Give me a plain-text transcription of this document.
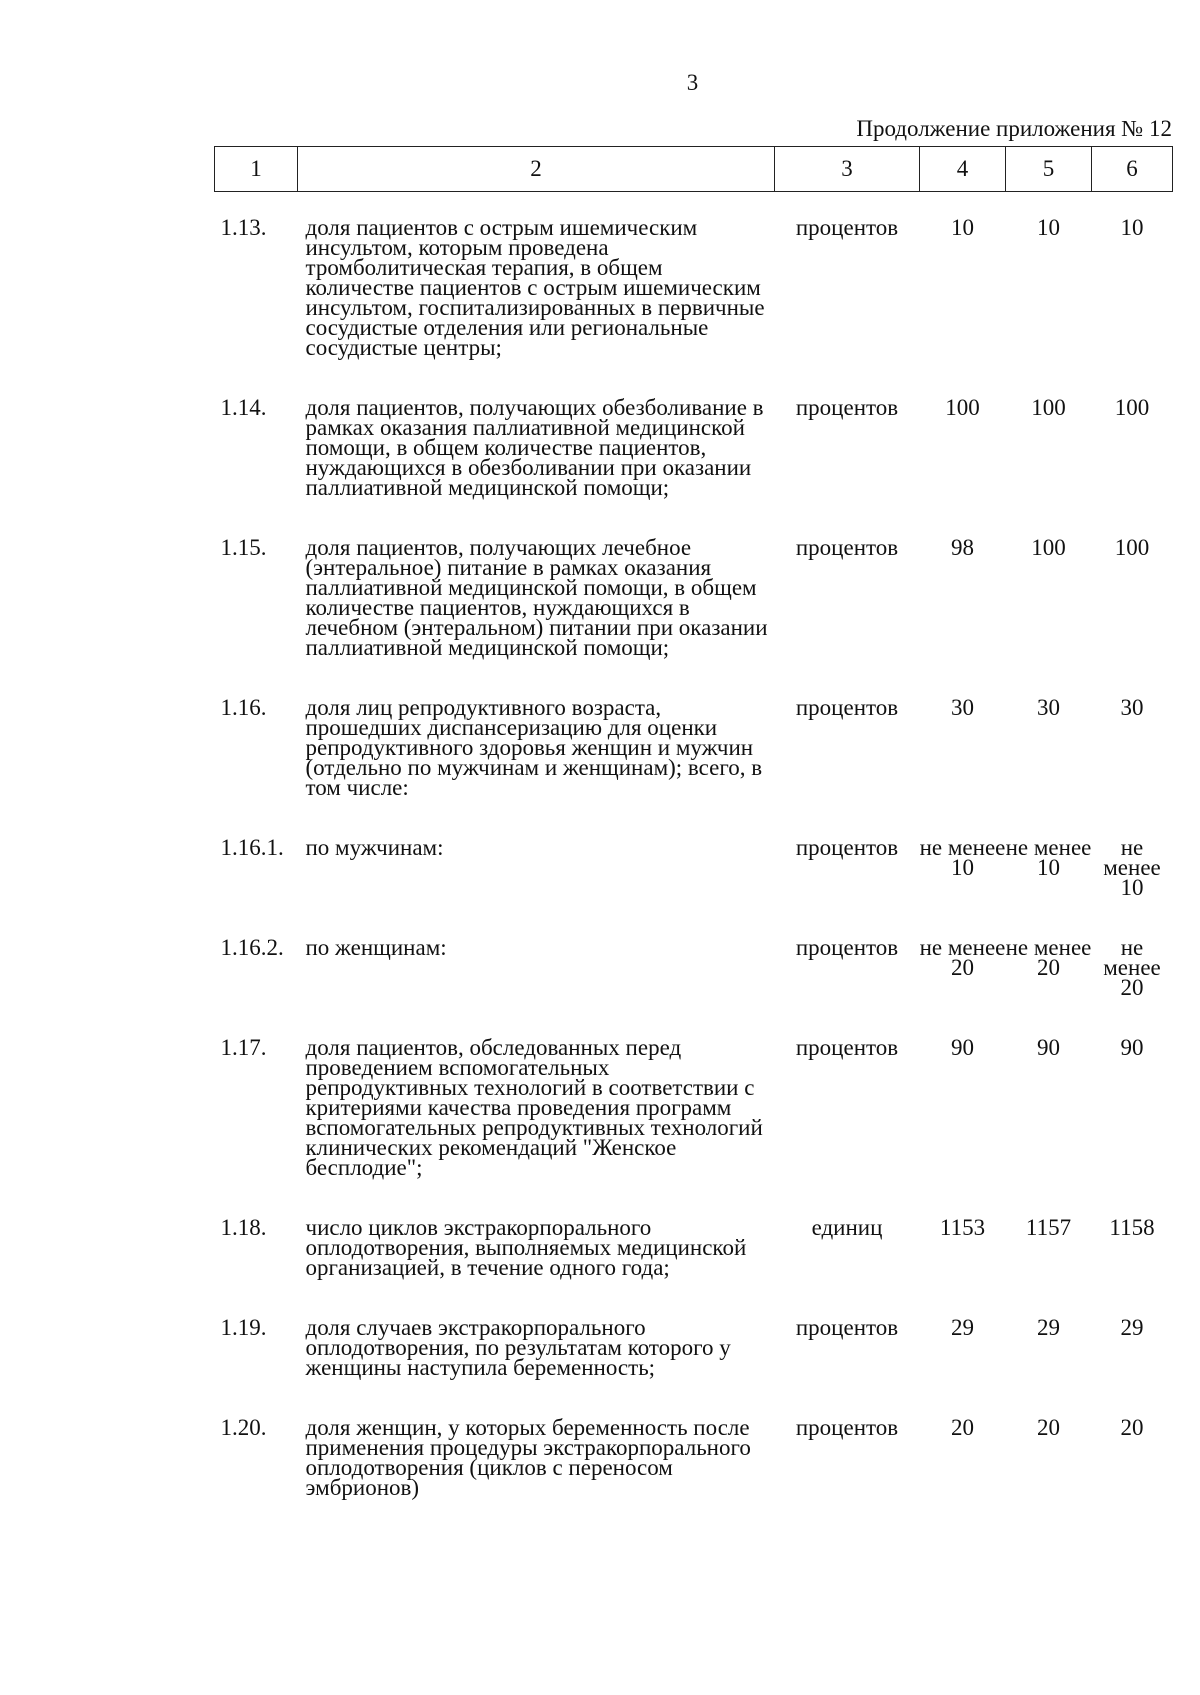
3
Продолжение приложения № 12
1	2	3	4	5	6

1.13.	доля пациентов с острым ишемическим инсультом, которым проведена тромболитическая терапия, в общем количестве пациентов с острым ишемическим инсультом, госпитализированных в первичные сосудистые отделения или региональные сосудистые центры;	процентов	10	10	10

1.14.	доля пациентов, получающих обезболивание в рамках оказания паллиативной медицинской помощи, в общем количестве пациентов, нуждающихся в обезболивании при оказании паллиативной медицинской помощи;	процентов	100	100	100

1.15.	доля пациентов, получающих лечебное (энтеральное) питание в рамках оказания паллиативной медицинской помощи, в общем количестве пациентов, нуждающихся в лечебном (энтеральном) питании при оказании паллиативной медицинской помощи;	процентов	98	100	100

1.16.	доля лиц репродуктивного возраста, прошедших диспансеризацию для оценки репродуктивного здоровья женщин и мужчин (отдельно по мужчинам и женщинам); всего, в том числе:	процентов	30	30	30

1.16.1.	по мужчинам:	процентов	не менее 10	не менее 10	не менее 10

1.16.2.	по женщинам:	процентов	не менее 20	не менее 20	не менее 20

1.17.	доля пациентов, обследованных перед проведением вспомогательных репродуктивных технологий в соответствии с критериями качества проведения программ вспомогательных репродуктивных технологий клинических рекомендаций "Женское бесплодие";	процентов	90	90	90

1.18.	число циклов экстракорпорального оплодотворения, выполняемых медицинской организацией, в течение одного года;	единиц	1153	1157	1158

1.19.	доля случаев экстракорпорального оплодотворения, по результатам которого у женщины наступила беременность;	процентов	29	29	29

1.20.	доля женщин, у которых беременность после применения процедуры экстракорпорального оплодотворения (циклов с переносом эмбрионов)	процентов	20	20	20
